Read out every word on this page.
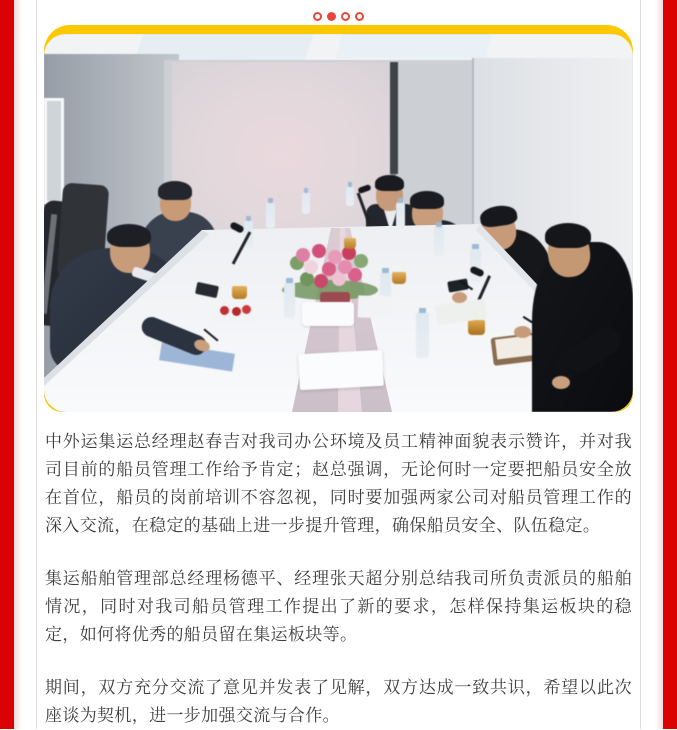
中外运集运总经理赵春吉对我司办公环境及员工精神面貌表示赞许，并对我司目前的船员管理工作给予肯定；赵总强调，无论何时一定要把船员安全放在首位，船员的岗前培训不容忽视，同时要加强两家公司对船员管理工作的深入交流，在稳定的基础上进一步提升管理，确保船员安全、队伍稳定。

集运船舶管理部总经理杨德平、经理张天超分别总结我司所负责派员的船舶情况，同时对我司船员管理工作提出了新的要求，怎样保持集运板块的稳定，如何将优秀的船员留在集运板块等。

期间，双方充分交流了意见并发表了见解，双方达成一致共识，希望以此次座谈为契机，进一步加强交流与合作。
